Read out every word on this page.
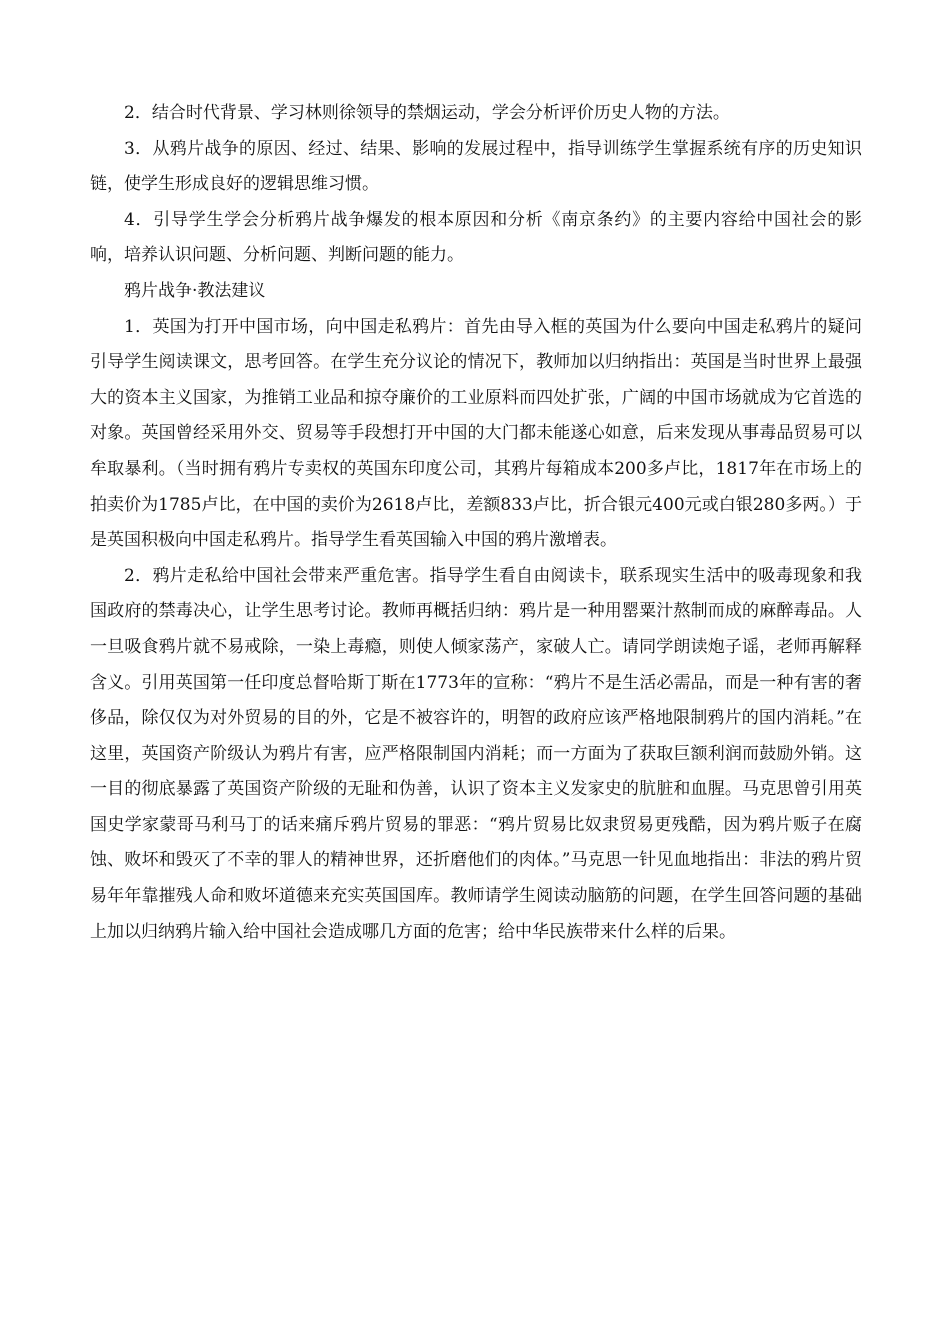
2．结合时代背景、学习林则徐领导的禁烟运动，学会分析评价历史人物的方法。

3．从鸦片战争的原因、经过、结果、影响的发展过程中，指导训练学生掌握系统有序的历史知识链，使学生形成良好的逻辑思维习惯。

4．引导学生学会分析鸦片战争爆发的根本原因和分析《南京条约》的主要内容给中国社会的影响，培养认识问题、分析问题、判断问题的能力。

鸦片战争·教法建议

1．英国为打开中国市场，向中国走私鸦片：首先由导入框的英国为什么要向中国走私鸦片的疑问引导学生阅读课文，思考回答。在学生充分议论的情况下，教师加以归纳指出：英国是当时世界上最强大的资本主义国家，为推销工业品和掠夺廉价的工业原料而四处扩张，广阔的中国市场就成为它首选的对象。英国曾经采用外交、贸易等手段想打开中国的大门都未能遂心如意，后来发现从事毒品贸易可以牟取暴利。（当时拥有鸦片专卖权的英国东印度公司，其鸦片每箱成本200多卢比，1817年在市场上的拍卖价为1785卢比，在中国的卖价为2618卢比，差额833卢比，折合银元400元或白银280多两。）于是英国积极向中国走私鸦片。指导学生看英国输入中国的鸦片激增表。

2．鸦片走私给中国社会带来严重危害。指导学生看自由阅读卡，联系现实生活中的吸毒现象和我国政府的禁毒决心，让学生思考讨论。教师再概括归纳：鸦片是一种用罂粟汁熬制而成的麻醉毒品。人一旦吸食鸦片就不易戒除，一染上毒瘾，则使人倾家荡产，家破人亡。请同学朗读炮子谣，老师再解释含义。引用英国第一任印度总督哈斯丁斯在1773年的宣称：“鸦片不是生活必需品，而是一种有害的奢侈品，除仅仅为对外贸易的目的外，它是不被容许的，明智的政府应该严格地限制鸦片的国内消耗。”在这里，英国资产阶级认为鸦片有害，应严格限制国内消耗；而一方面为了获取巨额利润而鼓励外销。这一目的彻底暴露了英国资产阶级的无耻和伪善，认识了资本主义发家史的肮脏和血腥。马克思曾引用英国史学家蒙哥马利马丁的话来痛斥鸦片贸易的罪恶：“鸦片贸易比奴隶贸易更残酷，因为鸦片贩子在腐蚀、败坏和毁灭了不幸的罪人的精神世界，还折磨他们的肉体。”马克思一针见血地指出：非法的鸦片贸易年年靠摧残人命和败坏道德来充实英国国库。教师请学生阅读动脑筋的问题，在学生回答问题的基础上加以归纳鸦片输入给中国社会造成哪几方面的危害；给中华民族带来什么样的后果。
